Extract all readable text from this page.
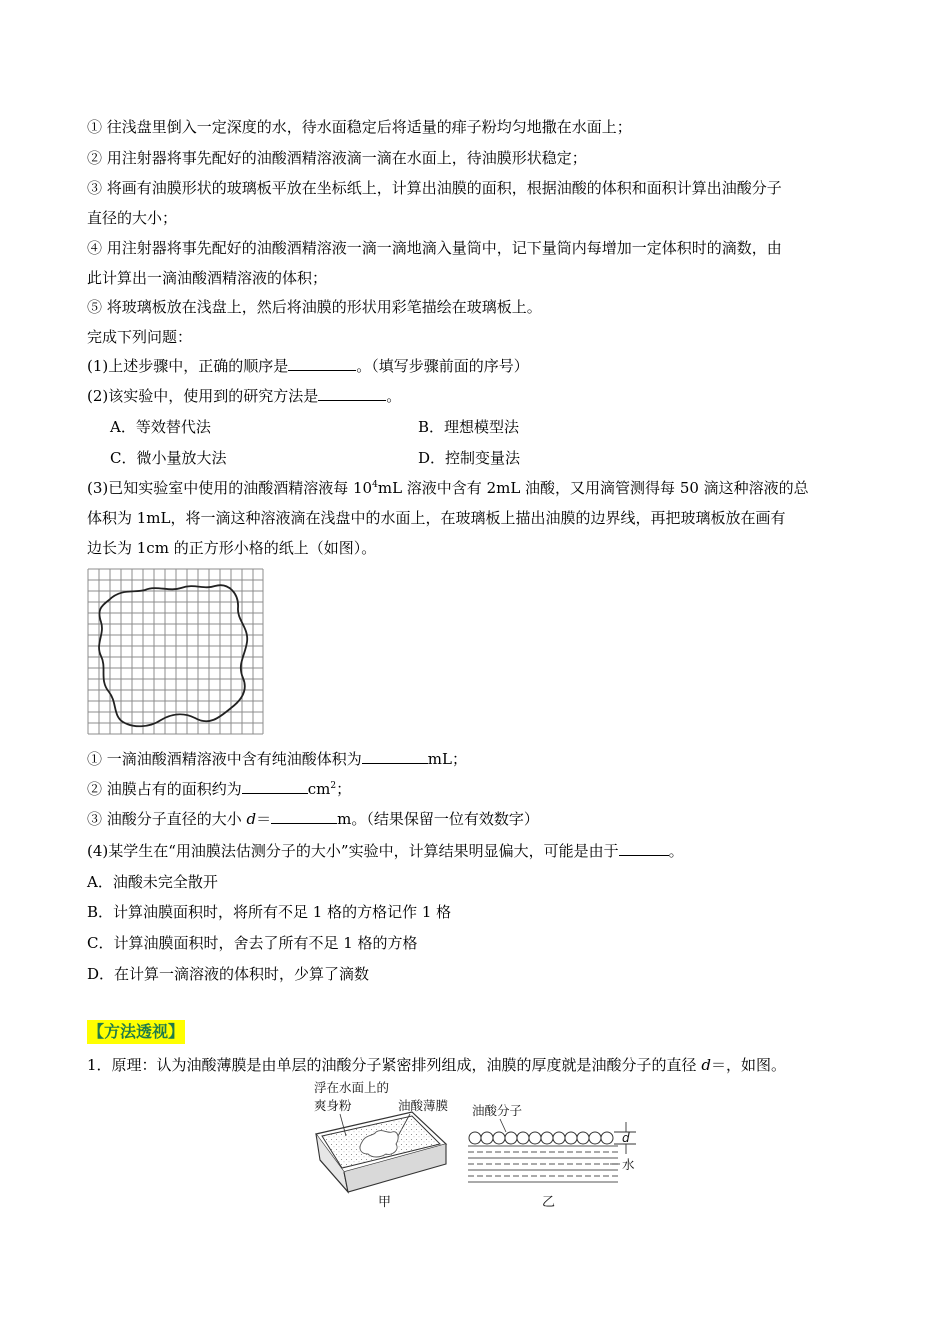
① 往浅盘里倒入一定深度的水，待水面稳定后将适量的痱子粉均匀地撒在水面上；
② 用注射器将事先配好的油酸酒精溶液滴一滴在水面上，待油膜形状稳定；
③ 将画有油膜形状的玻璃板平放在坐标纸上，计算出油膜的面积，根据油酸的体积和面积计算出油酸分子
直径的大小；
④ 用注射器将事先配好的油酸酒精溶液一滴一滴地滴入量筒中，记下量筒内每增加一定体积时的滴数，由
此计算出一滴油酸酒精溶液的体积；
⑤ 将玻璃板放在浅盘上，然后将油膜的形状用彩笔描绘在玻璃板上。
完成下列问题：
(1)上述步骤中，正确的顺序是	。（填写步骤前面的序号）
(2)该实验中，使用到的研究方法是	。
A．等效替代法	B．理想模型法
C．微小量放大法	D．控制变量法
(3)已知实验室中使用的油酸酒精溶液每 $10^4mL$ 溶液中含有 2mL 油酸，又用滴管测得每 50 滴这种溶液的总
体积为 1mL，将一滴这种溶液滴在浅盘中的水面上，在玻璃板上描出油膜的边界线，再把玻璃板放在画有
边长为 1cm 的正方形小格的纸上（如图）。
① 一滴油酸酒精溶液中含有纯油酸体积为	mL；
② 油膜占有的面积约为	$cm^2$；
③ 油酸分子直径的大小 d＝	m。（结果保留一位有效数字）
(4)某学生在“用油膜法估测分子的大小”实验中，计算结果明显偏大，可能是由于	。
A．油酸未完全散开
B．计算油膜面积时，将所有不足 1 格的方格记作 1 格
C．计算油膜面积时，舍去了所有不足 1 格的方格
D．在计算一滴溶液的体积时，少算了滴数
【方法透视】
1．原理：认为油酸薄膜是由单层的油酸分子紧密排列组成，油膜的厚度就是油酸分子的直径 d＝，如图。
浮在水面上的
爽身粉	油酸薄膜
甲
油酸分子
d
水
乙
